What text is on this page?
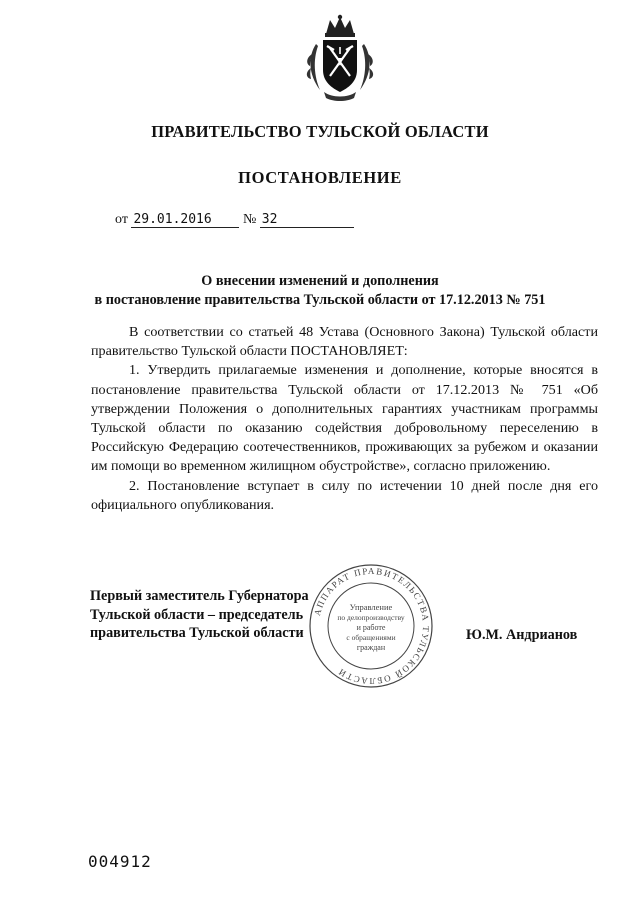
ПРАВИТЕЛЬСТВО ТУЛЬСКОЙ ОБЛАСТИ
ПОСТАНОВЛЕНИЕ
от 29.01.2016 № 32
О внесении изменений и дополнения
в постановление правительства Тульской области от 17.12.2013 № 751

В соответствии со статьей 48 Устава (Основного Закона) Тульской области правительство Тульской области ПОСТАНОВЛЯЕТ:

1. Утвердить прилагаемые изменения и дополнение, которые вносятся в постановление правительства Тульской области от 17.12.2013 № 751 «Об утверждении Положения о дополнительных гарантиях участникам программы Тульской области по оказанию содействия добровольному переселению в Российскую Федерацию соотечественников, проживающих за рубежом и оказании им помощи во временном жилищном обустройстве», согласно приложению.

2. Постановление вступает в силу по истечении 10 дней после дня его официального опубликования.

Первый заместитель Губернатора
Тульской области – председатель
правительства Тульской области	Ю.М. Андрианов
АППАРАТ ПРАВИТЕЛЬСТВА ТУЛЬСКОЙ ОБЛАСТИ
Управление
по делопроизводству
и работе
с обращениями
граждан
004912
